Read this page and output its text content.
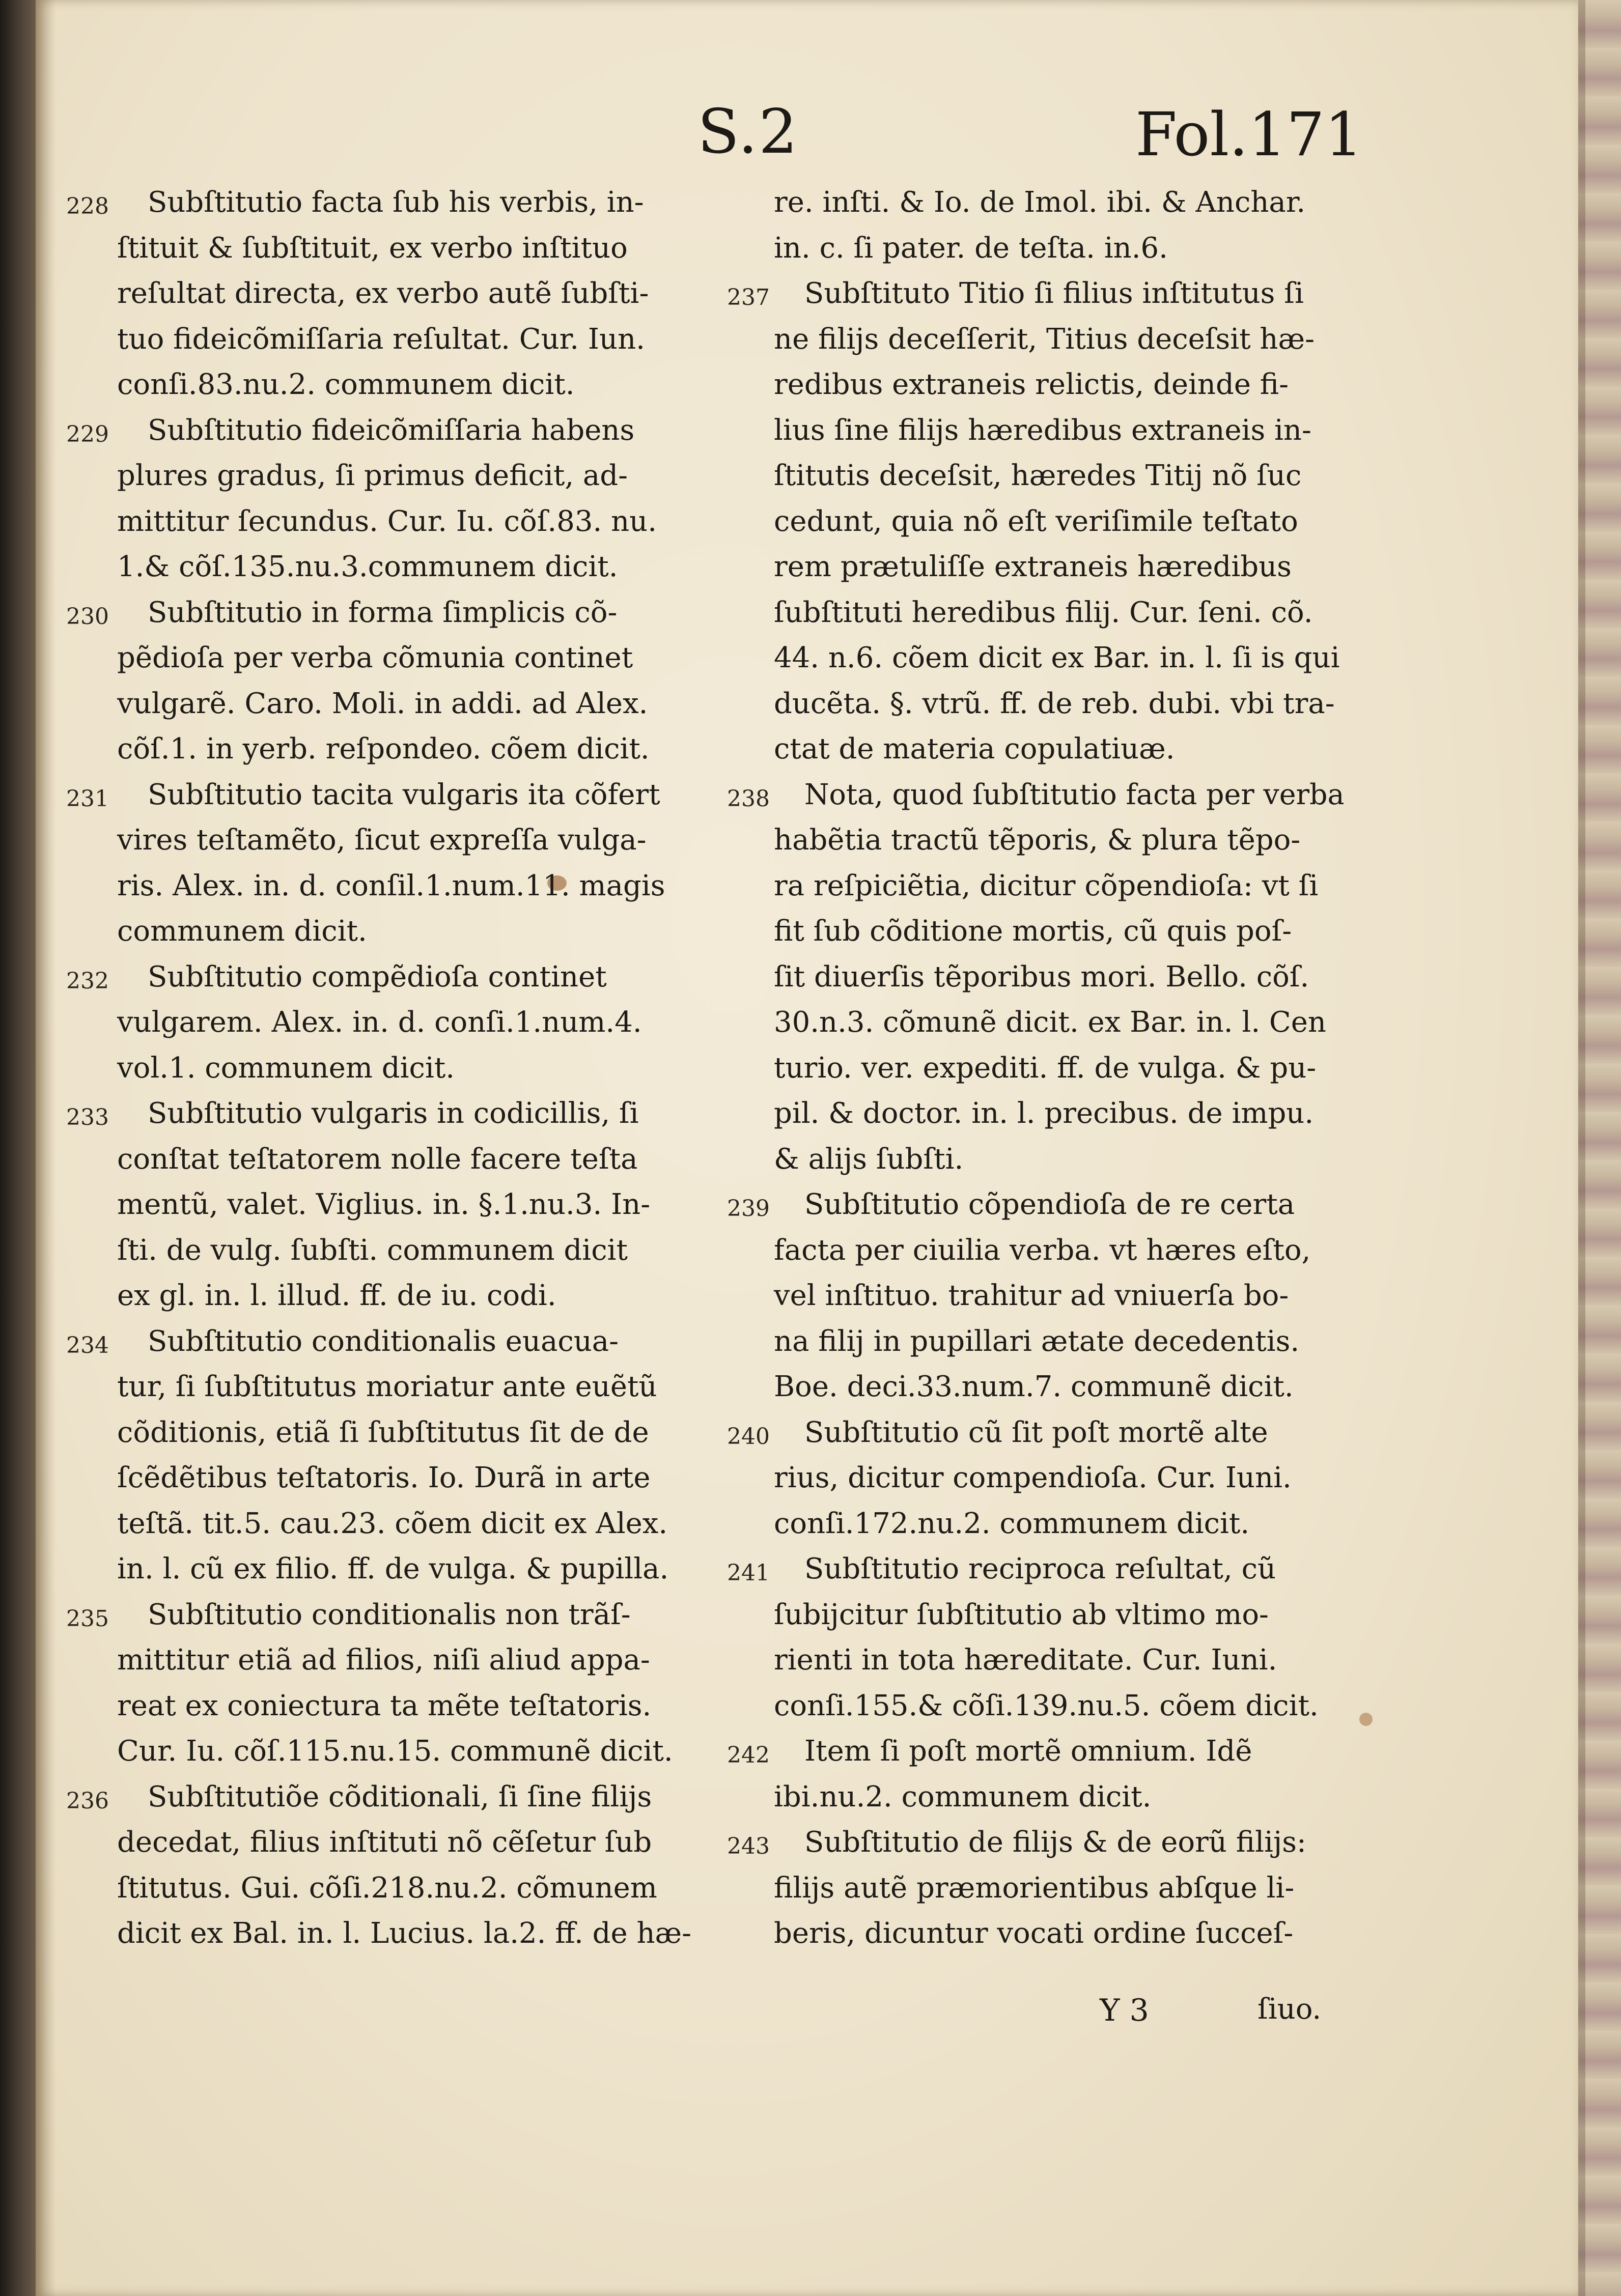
S.2	Fol.171
228 Subſtitutio facta ſub his verbis, in-
ſtituit & ſubſtituit, ex verbo inſtituo
reſultat directa, ex verbo autẽ ſubſti-
tuo fideicõmiſſaria reſultat. Cur. Iun.
conſi.83.nu.2. communem dicit.
229 Subſtitutio fideicõmiſſaria habens
plures gradus, ſi primus deficit, ad-
mittitur ſecundus. Cur. Iu. cõſ.83. nu.
1.& cõſ.135.nu.3.communem dicit.
230 Subſtitutio in forma ſimplicis cõ-
pẽdioſa per verba cõmunia continet
vulgarẽ. Caro. Moli. in addi. ad Alex.
cõſ.1. in yerb. reſpondeo. cõem dicit.
231 Subſtitutio tacita vulgaris ita cõfert
vires teſtamẽto, ſicut expreſſa vulga-
ris. Alex. in. d. conſil.1.num.11. magis
communem dicit.
232 Subſtitutio compẽdioſa continet
vulgarem. Alex. in. d. conſi.1.num.4.
vol.1. communem dicit.
233 Subſtitutio vulgaris in codicillis, ſi
conſtat teſtatorem nolle facere teſta
mentũ, valet. Viglius. in. §.1.nu.3. In-
ſti. de vulg. ſubſti. communem dicit
ex gl. in. l. illud. ff. de iu. codi.
234 Subſtitutio conditionalis euacua-
tur, ſi ſubſtitutus moriatur ante euẽtũ
cõditionis, etiã ſi ſubſtitutus ſit de de
ſcẽdẽtibus teſtatoris. Io. Durã in arte
teſtã. tit.5. cau.23. cõem dicit ex Alex.
in. l. cũ ex filio. ff. de vulga. & pupilla.
235 Subſtitutio conditionalis non trãſ-
mittitur etiã ad filios, niſi aliud appa-
reat ex coniectura ta mẽte teſtatoris.
Cur. Iu. cõſ.115.nu.15. communẽ dicit.
236 Subſtitutiõe cõditionali, ſi ſine filijs
decedat, filius inſtituti nõ cẽſetur ſub
ſtitutus. Gui. cõſi.218.nu.2. cõmunem
dicit ex Bal. in. l. Lucius. la.2. ff. de hæ-
re. inſti. & Io. de Imol. ibi. & Anchar.
in. c. ſi pater. de teſta. in.6.
237 Subſtituto Titio ſi filius inſtitutus ſi
ne filijs deceſſerit, Titius deceſsit hæ-
redibus extraneis relictis, deinde fi-
lius ſine filijs hæredibus extraneis in-
ſtitutis deceſsit, hæredes Titij nõ ſuc
cedunt, quia nõ eſt veriſimile teſtato
rem prætuliſſe extraneis hæredibus
ſubſtituti heredibus filij. Cur. ſeni. cõ.
44. n.6. cõem dicit ex Bar. in. l. ſi is qui
ducẽta. §. vtrũ. ff. de reb. dubi. vbi tra-
ctat de materia copulatiuæ.
238 Nota, quod ſubſtitutio facta per verba
habẽtia tractũ tẽporis, & plura tẽpo-
ra reſpiciẽtia, dicitur cõpendioſa: vt ſi
fit ſub cõditione mortis, cũ quis poſ-
ſit diuerſis tẽporibus mori. Bello. cõſ.
30.n.3. cõmunẽ dicit. ex Bar. in. l. Cen
turio. ver. expediti. ff. de vulga. & pu-
pil. & doctor. in. l. precibus. de impu.
& alijs ſubſti.
239 Subſtitutio cõpendioſa de re certa
facta per ciuilia verba. vt hæres eſto,
vel inſtituo. trahitur ad vniuerſa bo-
na filij in pupillari ætate decedentis.
Boe. deci.33.num.7. communẽ dicit.
240 Subſtitutio cũ ſit poſt mortẽ alte
rius, dicitur compendioſa. Cur. Iuni.
conſi.172.nu.2. communem dicit.
241 Subſtitutio reciproca reſultat, cũ
ſubijcitur ſubſtitutio ab vltimo mo-
rienti in tota hæreditate. Cur. Iuni.
conſi.155.& cõſi.139.nu.5. cõem dicit.
242 Item ſi poſt mortẽ omnium. Idẽ
ibi.nu.2. communem dicit.
243 Subſtitutio de filijs & de eorũ filijs:
filijs autẽ præmorientibus abſque li-
beris, dicuntur vocati ordine ſucceſ-
Y 3	ſiuo.
